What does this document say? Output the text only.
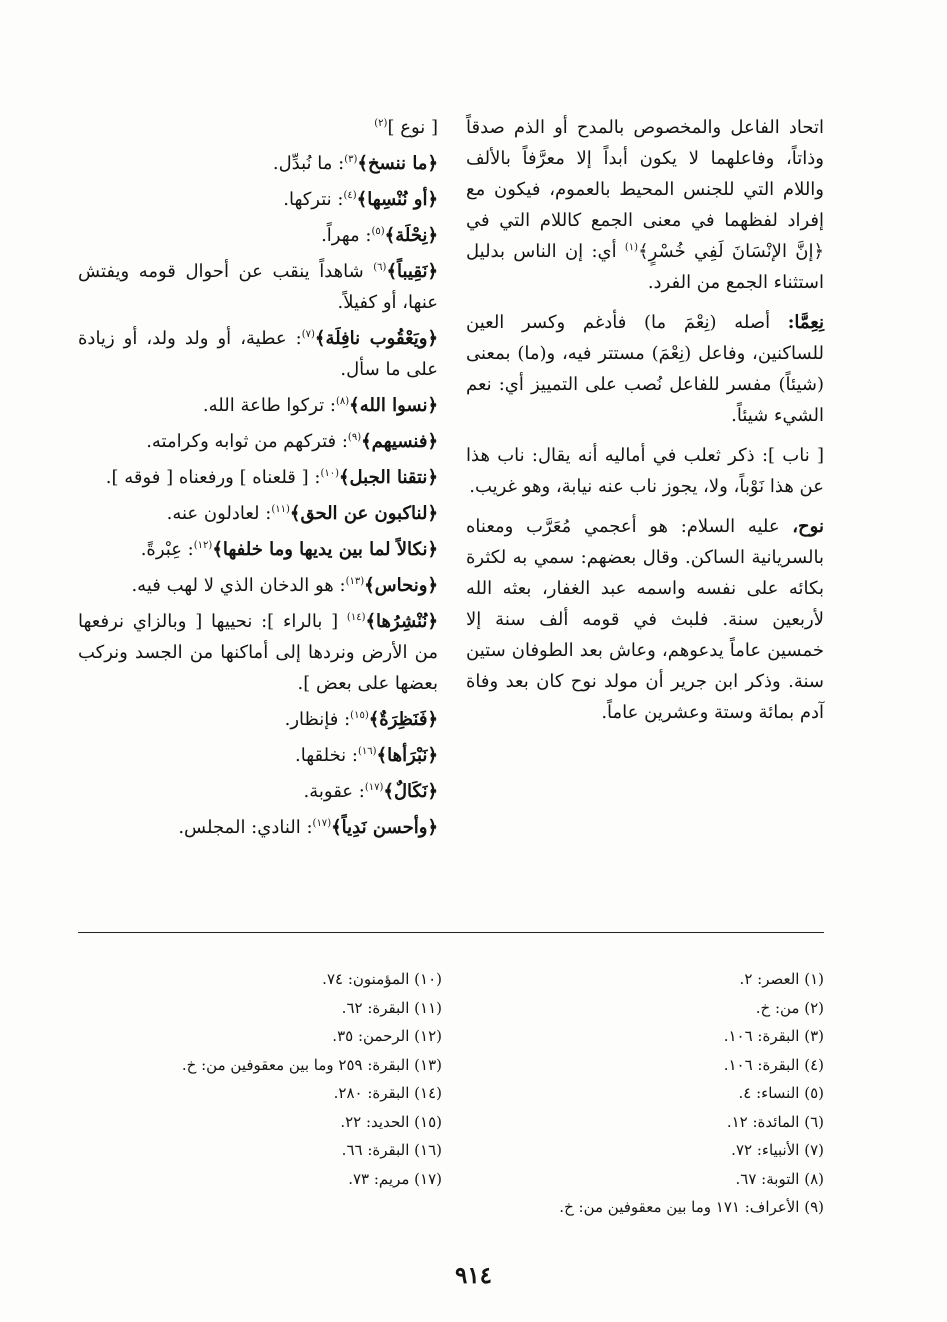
اتحاد الفاعل والمخصوص بالمدح أو الذم صدقاً وذاتاً، وفاعلهما لا يكون أبداً إلا معرَّفاً بالألف واللام التي للجنس المحيط بالعموم، فيكون مع إفراد لفظهما في معنى الجمع كاللام التي في ﴿إنَّ الإنْسَانَ لَفِي خُسْرٍ﴾$^{(١)}$ أي: إن الناس بدليل استثناء الجمع من الفرد.

نِعِمَّا: أصله (نِعْمَ ما) فأدغم وكسر العين للساكنين، وفاعل (نِعْمَ) مستتر فيه، و(ما) بمعنى (شيئاً) مفسر للفاعل نُصب على التمييز أي: نعم الشيء شيئاً.

[ ناب ]: ذكر ثعلب في أماليه أنه يقال: ناب هذا عن هذا نَوْباً، ولا، يجوز ناب عنه نيابة، وهو غريب.

نوح، عليه السلام: هو أعجمي مُعَرَّب ومعناه بالسريانية الساكن. وقال بعضهم: سمي به لكثرة بكائه على نفسه واسمه عبد الغفار، بعثه الله لأربعين سنة. فلبث في قومه ألف سنة إلا خمسين عاماً يدعوهم، وعاش بعد الطوفان ستين سنة. وذكر ابن جرير أن مولد نوح كان بعد وفاة آدم بمائة وستة وعشرين عاماً.

[ نوع ]$^{(٢)}$

﴿ما ننسخ﴾$^{(٣)}$: ما نُبدِّل.

﴿أو نُنْسِها﴾$^{(٤)}$: نتركها.

﴿نِحْلَة﴾$^{(٥)}$: مهراً.

﴿نَقِيباً﴾$^{(٦)}$ شاهداً ينقب عن أحوال قومه ويفتش عنها، أو كفيلاً.

﴿ويَعْقُوب نافِلَة﴾$^{(٧)}$: عطية، أو ولد ولد، أو زيادة على ما سأل.

﴿نسوا الله﴾$^{(٨)}$: تركوا طاعة الله.

﴿فنسيهم﴾$^{(٩)}$: فتركهم من ثوابه وكرامته.

﴿نتقنا الجبل﴾$^{(١٠)}$: [ قلعناه ] ورفعناه [ فوقه ].

﴿لناكبون عن الحق﴾$^{(١١)}$: لعادلون عنه.

﴿نكالاً لما بين يديها وما خلفها﴾$^{(١٢)}$: عِبْرةً.

﴿ونحاس﴾$^{(١٣)}$: هو الدخان الذي لا لهب فيه.

﴿نُنْشِرُها﴾$^{(١٤)}$ [ بالراء ]: نحييها [ وبالزاي نرفعها من الأرض ونردها إلى أماكنها من الجسد ونركب بعضها على بعض ].

﴿فَنَظِرَةٌ﴾$^{(١٥)}$: فإنظار.

﴿نَبْرَأها﴾$^{(١٦)}$: نخلقها.

﴿نَكَالٌ﴾$^{(١٧)}$: عقوبة.

﴿وأحسن نَدِياً﴾$^{(١٧)}$: النادي: المجلس.

(١) العصر: ٢.
(٢) من: خ.
(٣) البقرة: ١٠٦.
(٤) البقرة: ١٠٦.
(٥) النساء: ٤.
(٦) المائدة: ١٢.
(٧) الأنبياء: ٧٢.
(٨) التوبة: ٦٧.
(٩) الأعراف: ١٧١ وما بين معقوفين من: خ.
(١٠) المؤمنون: ٧٤.
(١١) البقرة: ٦٢.
(١٢) الرحمن: ٣٥.
(١٣) البقرة: ٢٥٩ وما بين معقوفين من: خ.
(١٤) البقرة: ٢٨٠.
(١٥) الحديد: ٢٢.
(١٦) البقرة: ٦٦.
(١٧) مريم: ٧٣.
٩١٤
